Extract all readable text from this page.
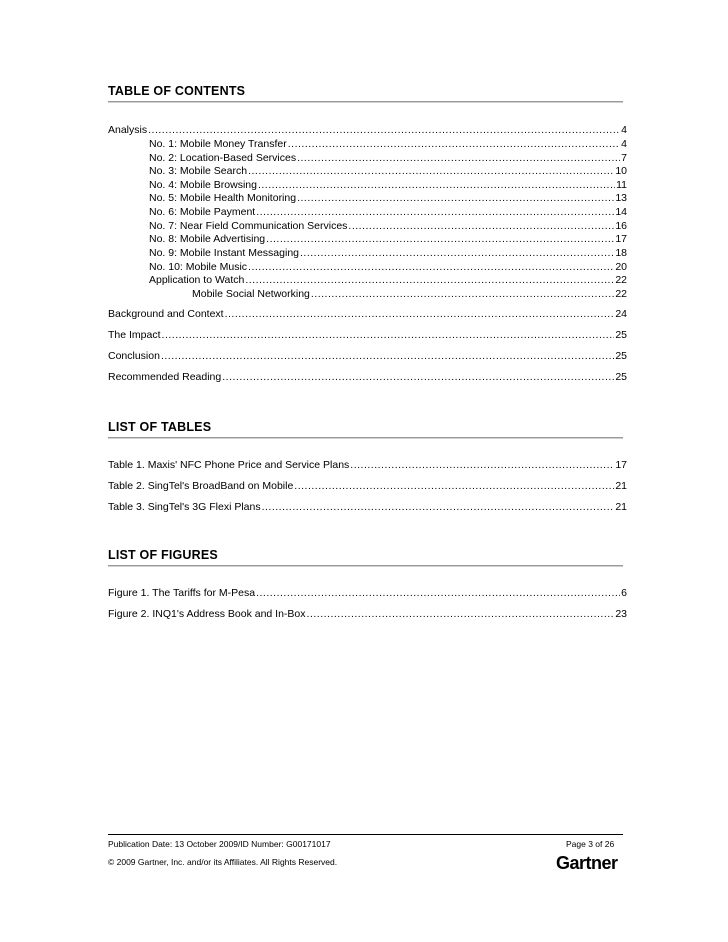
TABLE OF CONTENTS
Analysis .....	4
No. 1: Mobile Money Transfer .....	4
No. 2: Location-Based Services .....	7
No. 3: Mobile Search .....	10
No. 4: Mobile Browsing .....	11
No. 5: Mobile Health Monitoring .....	13
No. 6: Mobile Payment .....	14
No. 7: Near Field Communication Services .....	16
No. 8: Mobile Advertising .....	17
No. 9: Mobile Instant Messaging .....	18
No. 10: Mobile Music .....	20
Application to Watch .....	22
Mobile Social Networking .....	22
Background and Context .....	24
The Impact .....	25
Conclusion .....	25
Recommended Reading .....	25
LIST OF TABLES
Table 1. Maxis' NFC Phone Price and Service Plans .....	17
Table 2. SingTel's BroadBand on Mobile .....	21
Table 3. SingTel's 3G Flexi Plans .....	21
LIST OF FIGURES
Figure 1. The Tariffs for M-Pesa .....	6
Figure 2. INQ1's Address Book and In-Box .....	23
Publication Date: 13 October 2009/ID Number: G00171017	Page 3 of 26
© 2009 Gartner, Inc. and/or its Affiliates. All Rights Reserved.	Gartner
